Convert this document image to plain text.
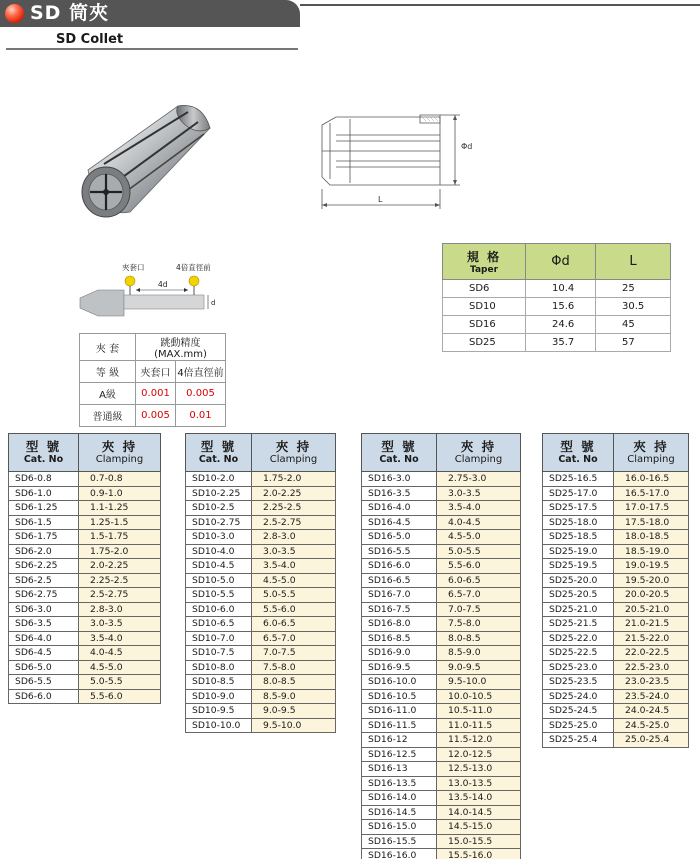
SD 筒夾
SD Collet
Φd
L
夾套口	4倍直徑前
4d
d
規 格
Taper	Φd	L
SD6	10.4	25
SD10	15.6	30.5
SD16	24.6	45
SD25	35.7	57
夾 套	跳動精度(MAX.mm)	
等 級	夾套口	4倍直徑前
A級	0.001	0.005
普通級	0.005	0.01
型 號
Cat. No	夾 持
Clamping

SD6-0.8	0.7-0.8
SD6-1.0	0.9-1.0
SD6-1.25	1.1-1.25
SD6-1.5	1.25-1.5
SD6-1.75	1.5-1.75
SD6-2.0	1.75-2.0
SD6-2.25	2.0-2.25
SD6-2.5	2.25-2.5
SD6-2.75	2.5-2.75
SD6-3.0	2.8-3.0
SD6-3.5	3.0-3.5
SD6-4.0	3.5-4.0
SD6-4.5	4.0-4.5
SD6-5.0	4.5-5.0
SD6-5.5	5.0-5.5
SD6-6.0	5.5-6.0
型 號
Cat. No	夾 持
Clamping

SD10-2.0	1.75-2.0
SD10-2.25	2.0-2.25
SD10-2.5	2.25-2.5
SD10-2.75	2.5-2.75
SD10-3.0	2.8-3.0
SD10-4.0	3.0-3.5
SD10-4.5	3.5-4.0
SD10-5.0	4.5-5.0
SD10-5.5	5.0-5.5
SD10-6.0	5.5-6.0
SD10-6.5	6.0-6.5
SD10-7.0	6.5-7.0
SD10-7.5	7.0-7.5
SD10-8.0	7.5-8.0
SD10-8.5	8.0-8.5
SD10-9.0	8.5-9.0
SD10-9.5	9.0-9.5
SD10-10.0	9.5-10.0
型 號
Cat. No	夾 持
Clamping

SD16-3.0	2.75-3.0
SD16-3.5	3.0-3.5
SD16-4.0	3.5-4.0
SD16-4.5	4.0-4.5
SD16-5.0	4.5-5.0
SD16-5.5	5.0-5.5
SD16-6.0	5.5-6.0
SD16-6.5	6.0-6.5
SD16-7.0	6.5-7.0
SD16-7.5	7.0-7.5
SD16-8.0	7.5-8.0
SD16-8.5	8.0-8.5
SD16-9.0	8.5-9.0
SD16-9.5	9.0-9.5
SD16-10.0	9.5-10.0
SD16-10.5	10.0-10.5
SD16-11.0	10.5-11.0
SD16-11.5	11.0-11.5
SD16-12	11.5-12.0
SD16-12.5	12.0-12.5
SD16-13	12.5-13.0
SD16-13.5	13.0-13.5
SD16-14.0	13.5-14.0
SD16-14.5	14.0-14.5
SD16-15.0	14.5-15.0
SD16-15.5	15.0-15.5
SD16-16.0	15.5-16.0
型 號
Cat. No	夾 持
Clamping

SD25-16.5	16.0-16.5
SD25-17.0	16.5-17.0
SD25-17.5	17.0-17.5
SD25-18.0	17.5-18.0
SD25-18.5	18.0-18.5
SD25-19.0	18.5-19.0
SD25-19.5	19.0-19.5
SD25-20.0	19.5-20.0
SD25-20.5	20.0-20.5
SD25-21.0	20.5-21.0
SD25-21.5	21.0-21.5
SD25-22.0	21.5-22.0
SD25-22.5	22.0-22.5
SD25-23.0	22.5-23.0
SD25-23.5	23.0-23.5
SD25-24.0	23.5-24.0
SD25-24.5	24.0-24.5
SD25-25.0	24.5-25.0
SD25-25.4	25.0-25.4
